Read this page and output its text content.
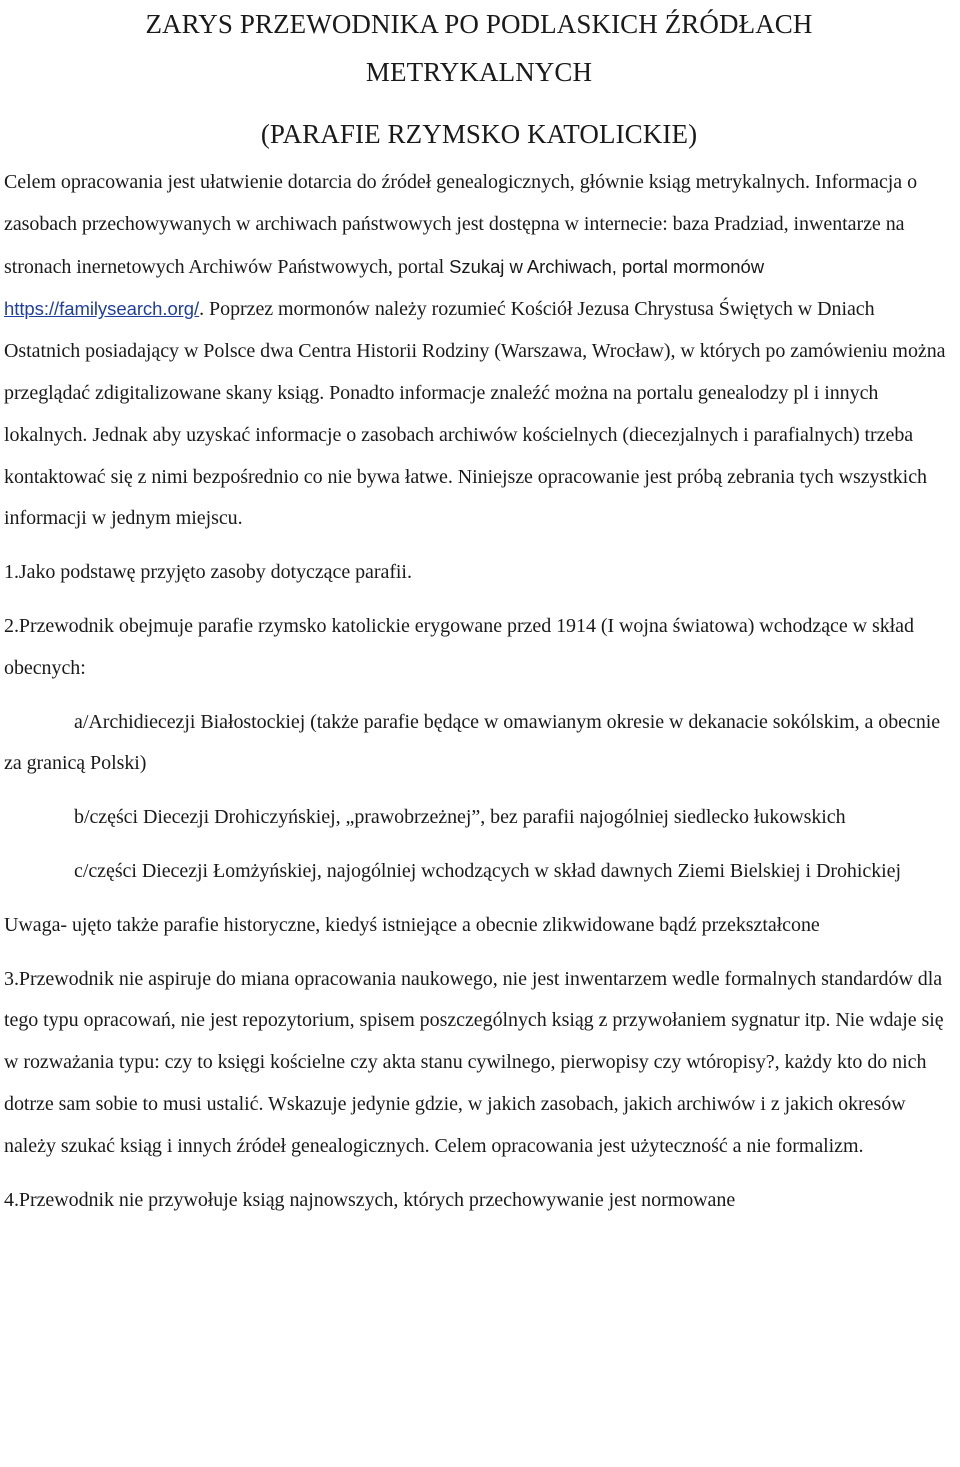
ZARYS PRZEWODNIKA PO PODLASKICH ŹRÓDŁACH
METRYKALNYCH
(PARAFIE RZYMSKO KATOLICKIE)

Celem opracowania jest ułatwienie dotarcia do źródeł genealogicznych, głównie ksiąg metrykalnych. Informacja o zasobach przechowywanych w archiwach państwowych jest dostępna w internecie: baza Pradziad, inwentarze na stronach inernetowych Archiwów Państwowych, portal Szukaj w Archiwach, portal mormonów https://familysearch.org/. Poprzez mormonów należy rozumieć Kościół Jezusa Chrystusa Świętych w Dniach Ostatnich posiadający w Polsce dwa Centra Historii Rodziny (Warszawa, Wrocław), w których po zamówieniu można przeglądać zdigitalizowane skany ksiąg. Ponadto informacje znaleźć można na portalu genealodzy pl i innych lokalnych. Jednak aby uzyskać informacje o zasobach archiwów kościelnych (diecezjalnych i parafialnych) trzeba kontaktować się z nimi bezpośrednio co nie bywa łatwe. Niniejsze opracowanie jest próbą zebrania tych wszystkich informacji w jednym miejscu.

1.Jako podstawę przyjęto zasoby dotyczące parafii.

2.Przewodnik obejmuje parafie rzymsko katolickie erygowane przed 1914 (I wojna światowa) wchodzące w skład obecnych:

a/Archidiecezji Białostockiej (także parafie będące w omawianym okresie w dekanacie sokólskim, a obecnie za granicą Polski)

b/części Diecezji Drohiczyńskiej, „prawobrzeżnej”, bez parafii najogólniej siedlecko łukowskich

c/części Diecezji Łomżyńskiej, najogólniej wchodzących w skład dawnych Ziemi Bielskiej i Drohickiej

Uwaga- ujęto także parafie historyczne, kiedyś istniejące a obecnie zlikwidowane bądź przekształcone

3.Przewodnik nie aspiruje do miana opracowania naukowego, nie jest inwentarzem wedle formalnych standardów dla tego typu opracowań, nie jest repozytorium, spisem poszczególnych ksiąg z przywołaniem sygnatur itp. Nie wdaje się w rozważania typu: czy to księgi kościelne czy akta stanu cywilnego, pierwopisy czy wtóropisy?, każdy kto do nich dotrze sam sobie to musi ustalić. Wskazuje jedynie gdzie, w jakich zasobach, jakich archiwów i z jakich okresów należy szukać ksiąg i innych źródeł genealogicznych. Celem opracowania jest użyteczność a nie formalizm.

4.Przewodnik nie przywołuje ksiąg najnowszych, których przechowywanie jest normowane
